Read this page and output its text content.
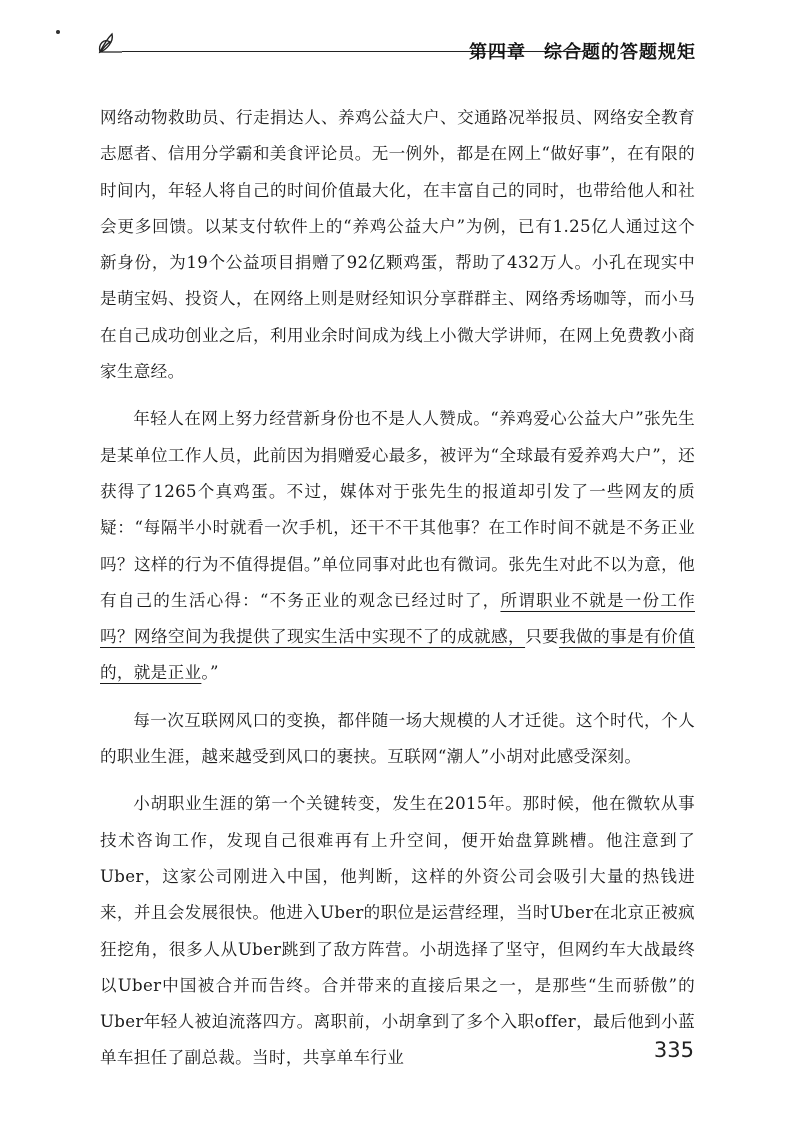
第四章 综合题的答题规矩

网络动物救助员、行走捐达人、养鸡公益大户、交通路况举报员、网络安全教育志愿者、信用分学霸和美食评论员。无一例外，都是在网上“做好事”，在有限的时间内，年轻人将自己的时间价值最大化，在丰富自己的同时，也带给他人和社会更多回馈。以某支付软件上的“养鸡公益大户”为例，已有1.25亿人通过这个新身份，为19个公益项目捐赠了92亿颗鸡蛋，帮助了432万人。小孔在现实中是萌宝妈、投资人，在网络上则是财经知识分享群群主、网络秀场咖等，而小马在自己成功创业之后，利用业余时间成为线上小微大学讲师，在网上免费教小商家生意经。

年轻人在网上努力经营新身份也不是人人赞成。“养鸡爱心公益大户”张先生是某单位工作人员，此前因为捐赠爱心最多，被评为“全球最有爱养鸡大户”，还获得了1265个真鸡蛋。不过，媒体对于张先生的报道却引发了一些网友的质疑：“每隔半小时就看一次手机，还干不干其他事？在工作时间不就是不务正业吗？这样的行为不值得提倡。”单位同事对此也有微词。张先生对此不以为意，他有自己的生活心得：“不务正业的观念已经过时了，所谓职业不就是一份工作吗？网络空间为我提供了现实生活中实现不了的成就感，只要我做的事是有价值的，就是正业。”

每一次互联网风口的变换，都伴随一场大规模的人才迁徙。这个时代，个人的职业生涯，越来越受到风口的裹挟。互联网“潮人”小胡对此感受深刻。

小胡职业生涯的第一个关键转变，发生在2015年。那时候，他在微软从事技术咨询工作，发现自己很难再有上升空间，便开始盘算跳槽。他注意到了Uber，这家公司刚进入中国，他判断，这样的外资公司会吸引大量的热钱进来，并且会发展很快。他进入Uber的职位是运营经理，当时Uber在北京正被疯狂挖角，很多人从Uber跳到了敌方阵营。小胡选择了坚守，但网约车大战最终以Uber中国被合并而告终。合并带来的直接后果之一，是那些“生而骄傲”的Uber年轻人被迫流落四方。离职前，小胡拿到了多个入职offer，最后他到小蓝单车担任了副总裁。当时，共享单车行业	335
